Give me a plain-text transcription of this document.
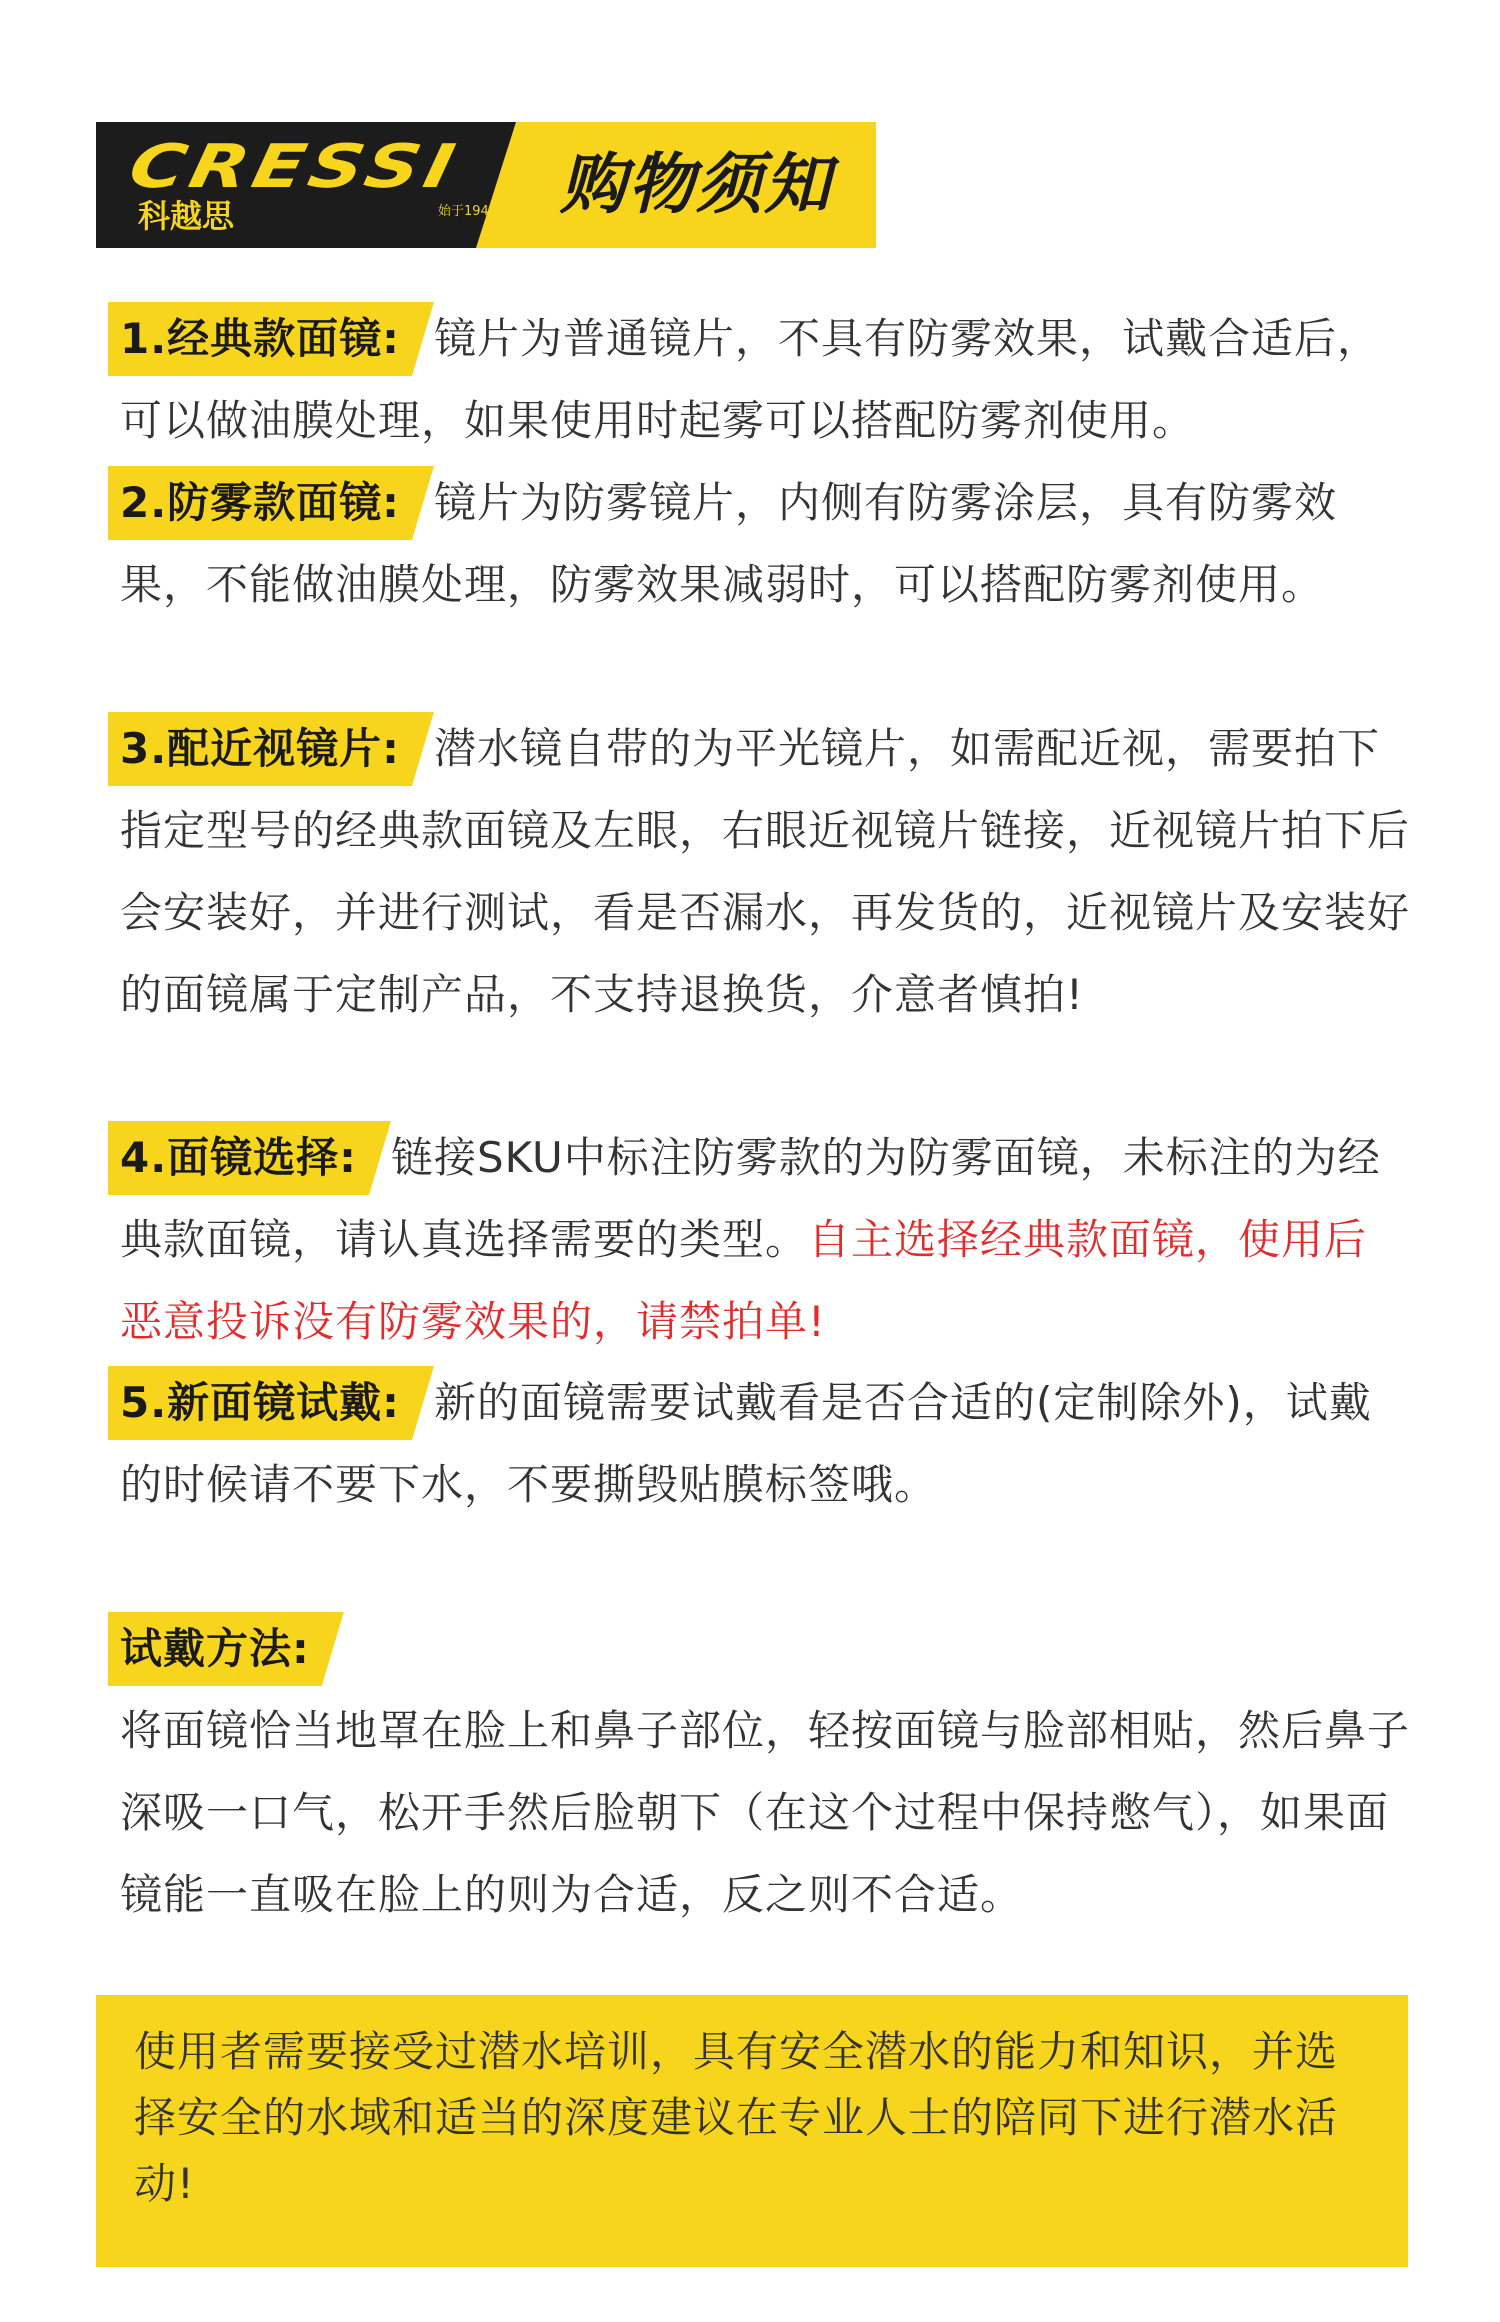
CRESSI
科越思	始于1946 购物须知
1.经典款面镜: 镜片为普通镜片，不具有防雾效果，试戴合适后，可以做油膜处理，如果使用时起雾可以搭配防雾剂使用。
2.防雾款面镜: 镜片为防雾镜片，内侧有防雾涂层，具有防雾效果，不能做油膜处理，防雾效果减弱时，可以搭配防雾剂使用。
3.配近视镜片: 潜水镜自带的为平光镜片，如需配近视，需要拍下指定型号的经典款面镜及左眼，右眼近视镜片链接，近视镜片拍下后会安装好，并进行测试，看是否漏水，再发货的，近视镜片及安装好的面镜属于定制产品，不支持退换货，介意者慎拍!
4.面镜选择: 链接SKU中标注防雾款的为防雾面镜，未标注的为经典款面镜，请认真选择需要的类型。自主选择经典款面镜，使用后恶意投诉没有防雾效果的，请禁拍单!
5.新面镜试戴: 新的面镜需要试戴看是否合适的(定制除外)，试戴的时候请不要下水，不要撕毁贴膜标签哦。
试戴方法:
将面镜恰当地罩在脸上和鼻子部位，轻按面镜与脸部相贴，然后鼻子深吸一口气，松开手然后脸朝下（在这个过程中保持憋气），如果面镜能一直吸在脸上的则为合适，反之则不合适。
使用者需要接受过潜水培训，具有安全潜水的能力和知识，并选择安全的水域和适当的深度建议在专业人士的陪同下进行潜水活动!
